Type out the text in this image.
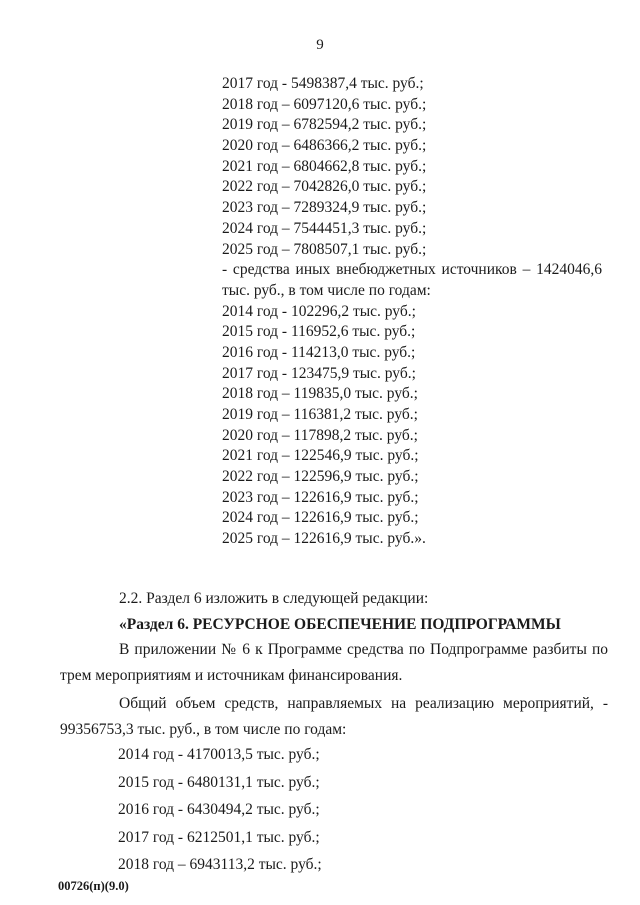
9
2017 год - 5498387,4 тыс. руб.;
2018 год – 6097120,6 тыс. руб.;
2019 год – 6782594,2 тыс. руб.;
2020 год – 6486366,2 тыс. руб.;
2021 год – 6804662,8 тыс. руб.;
2022 год – 7042826,0 тыс. руб.;
2023 год – 7289324,9 тыс. руб.;
2024 год – 7544451,3 тыс. руб.;
2025 год – 7808507,1 тыс. руб.;
- средства иных внебюджетных источников – 1424046,6 тыс. руб., в том числе по годам:
2014 год - 102296,2 тыс. руб.;
2015 год - 116952,6 тыс. руб.;
2016 год - 114213,0 тыс. руб.;
2017 год - 123475,9 тыс. руб.;
2018 год – 119835,0 тыс. руб.;
2019 год – 116381,2 тыс. руб.;
2020 год – 117898,2 тыс. руб.;
2021 год – 122546,9 тыс. руб.;
2022 год – 122596,9 тыс. руб.;
2023 год – 122616,9 тыс. руб.;
2024 год – 122616,9 тыс. руб.;
2025 год – 122616,9 тыс. руб.».
2.2. Раздел 6 изложить в следующей редакции:
«Раздел 6. РЕСУРСНОЕ ОБЕСПЕЧЕНИЕ ПОДПРОГРАММЫ
В приложении № 6 к Программе средства по Подпрограмме разбиты по трем мероприятиям и источникам финансирования.
Общий объем средств, направляемых на реализацию мероприятий, - 99356753,3 тыс. руб., в том числе по годам:
2014 год - 4170013,5 тыс. руб.;
2015 год - 6480131,1 тыс. руб.;
2016 год - 6430494,2 тыс. руб.;
2017 год - 6212501,1 тыс. руб.;
2018 год – 6943113,2 тыс. руб.;
00726(п)(9.0)
